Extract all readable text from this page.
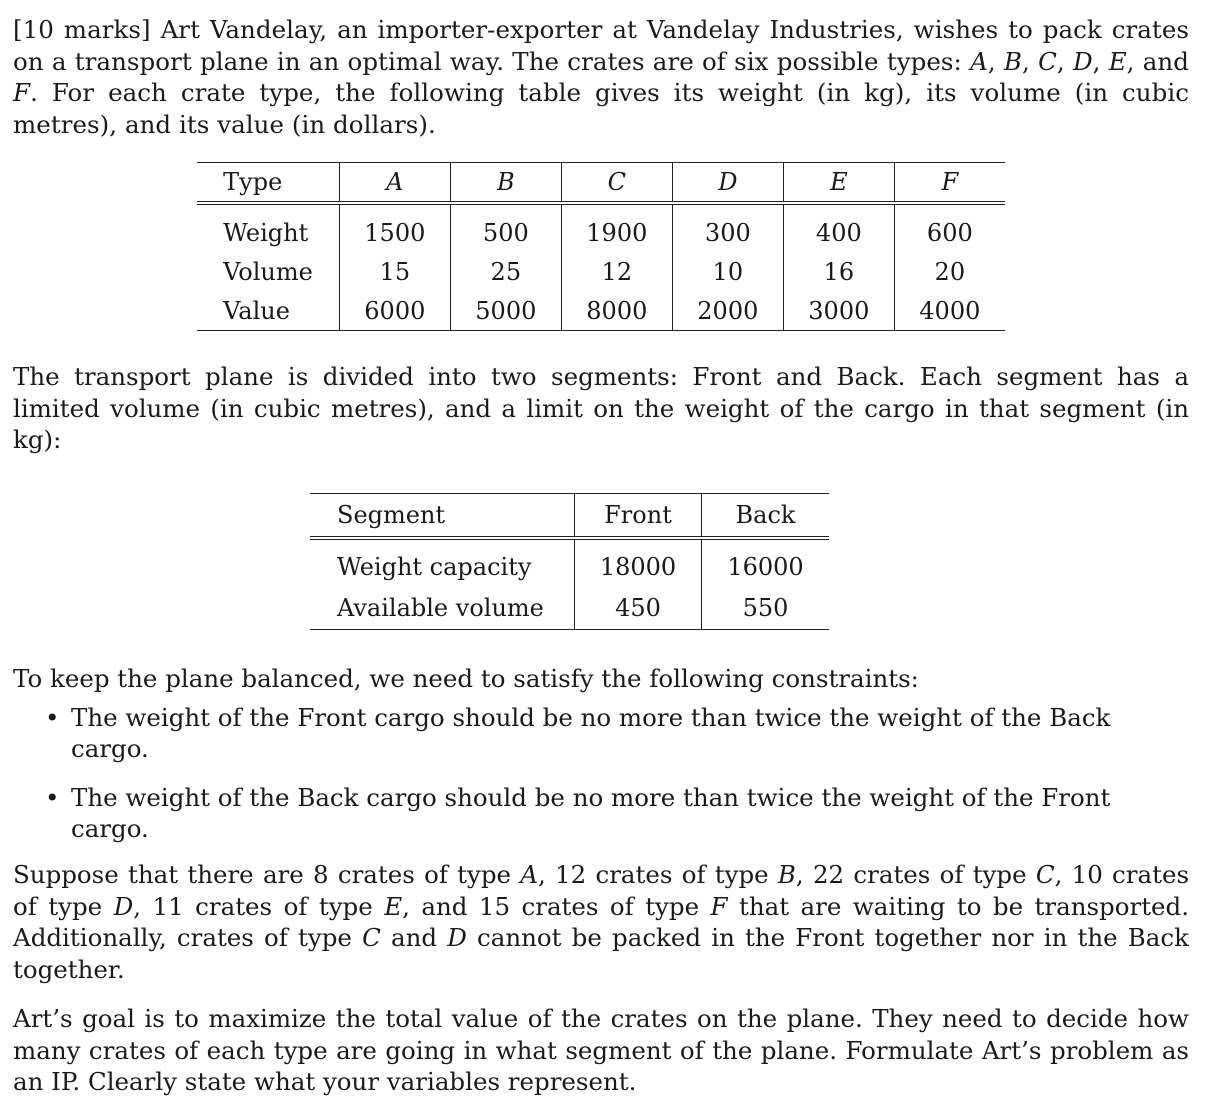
[10 marks] Art Vandelay, an importer-exporter at Vandelay Industries, wishes to pack crates on a transport plane in an optimal way. The crates are of six possible types: A, B, C, D, E, and F. For each crate type, the following table gives its weight (in kg), its volume (in cubic metres), and its value (in dollars).

Type	A	B	C	D	E	F
Weight	1500	500	1900	300	400	600
Volume	15	25	12	10	16	20
Value	6000	5000	8000	2000	3000	4000

The transport plane is divided into two segments: Front and Back. Each segment has a limited volume (in cubic metres), and a limit on the weight of the cargo in that segment (in kg):

Segment	Front	Back
Weight capacity	18000	16000
Available volume	450	550

To keep the plane balanced, we need to satisfy the following constraints:

• The weight of the Front cargo should be no more than twice the weight of the Back cargo.
• The weight of the Back cargo should be no more than twice the weight of the Front cargo.

Suppose that there are 8 crates of type A, 12 crates of type B, 22 crates of type C, 10 crates of type D, 11 crates of type E, and 15 crates of type F that are waiting to be transported. Additionally, crates of type C and D cannot be packed in the Front together nor in the Back together.

Art’s goal is to maximize the total value of the crates on the plane. They need to decide how many crates of each type are going in what segment of the plane. Formulate Art’s problem as an IP. Clearly state what your variables represent.
